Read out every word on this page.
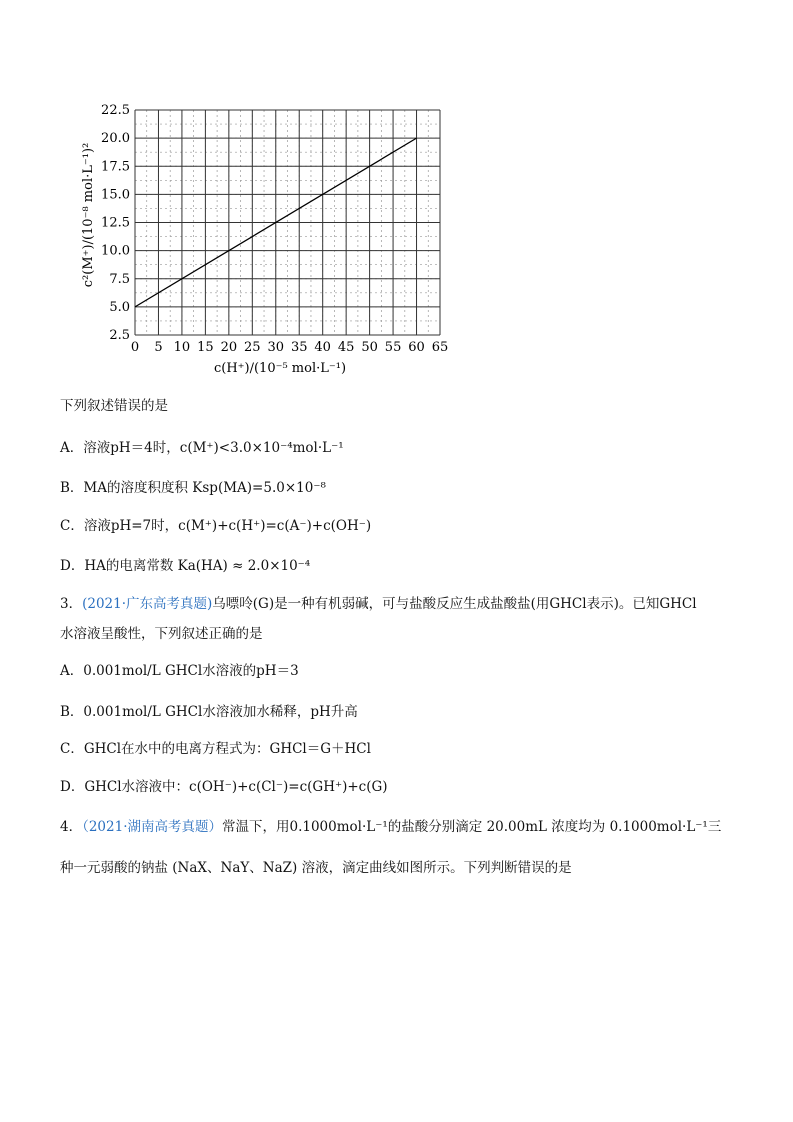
0 5 10 15 20 25 30 35 40 45 50 55 60 65
2.5
5.0
7.5
10.0
12.5
15.0
17.5
20.0
22.5
c(H⁺)/(10⁻⁵ mol·L⁻¹)
c²(M⁺)/(10⁻⁸ mol·L⁻¹)²
下列叙述错误的是
A．溶液pH＝4时，c(M⁺)<3.0×10⁻⁴mol·L⁻¹
B．MA的溶度积度积 Ksp(MA)=5.0×10⁻⁸
C．溶液pH=7时，c(M⁺)+c(H⁺)=c(A⁻)+c(OH⁻)
D．HA的电离常数 Ka(HA) ≈ 2.0×10⁻⁴
3．(2021·广东高考真题)乌嘌呤(G)是一种有机弱碱，可与盐酸反应生成盐酸盐(用GHCl表示)。已知GHCl
水溶液呈酸性，下列叙述正确的是
A．0.001mol/L GHCl水溶液的pH＝3
B．0.001mol/L GHCl水溶液加水稀释，pH升高
C．GHCl在水中的电离方程式为：GHCl＝G＋HCl
D．GHCl水溶液中：c(OH⁻)+c(Cl⁻)=c(GH⁺)+c(G)
4．（2021·湖南高考真题）常温下，用0.1000mol·L⁻¹的盐酸分别滴定 20.00mL 浓度均为 0.1000mol·L⁻¹三
种一元弱酸的钠盐 (NaX、NaY、NaZ) 溶液，滴定曲线如图所示。下列判断错误的是
